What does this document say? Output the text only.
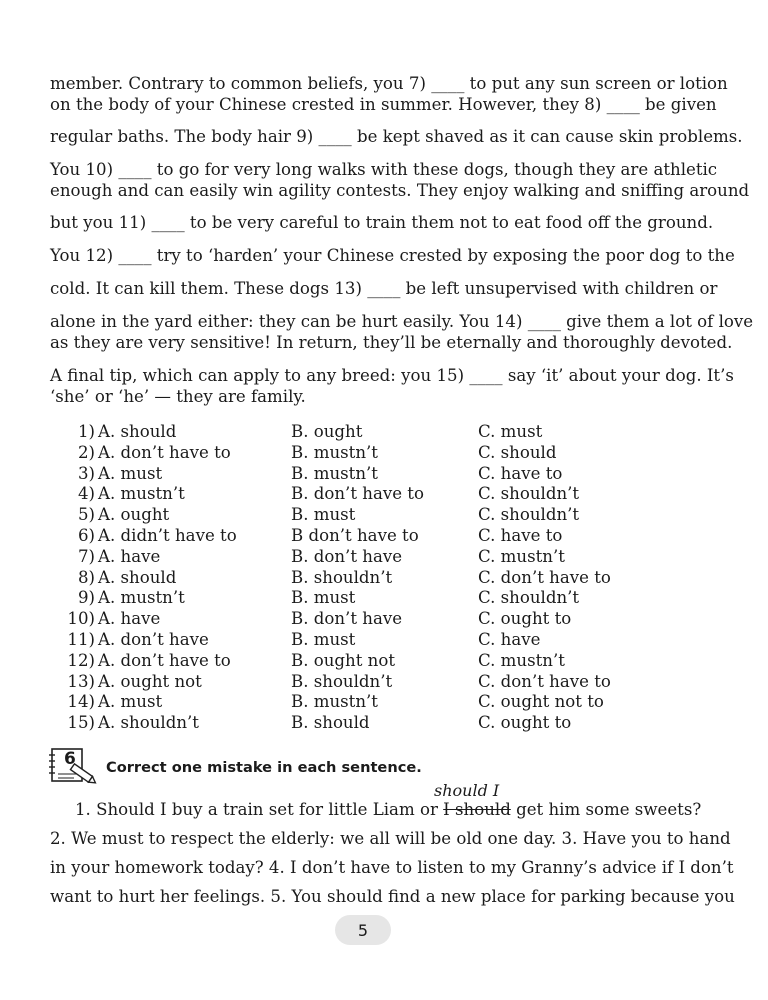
member. Contrary to common beliefs, you 7) ____ to put any sun screen or lotion
on the body of your Chinese crested in summer. However, they 8) ____ be given
regular baths. The body hair 9) ____ be kept shaved as it can cause skin problems.
You 10) ____ to go for very long walks with these dogs, though they are athletic
enough and can easily win agility contests. They enjoy walking and sniffing around
but you 11) ____ to be very careful to train them not to eat food off the ground.
You 12) ____ try to ‘harden’ your Chinese crested by exposing the poor dog to the
cold. It can kill them. These dogs 13) ____ be left unsupervised with children or
alone in the yard either: they can be hurt easily. You 14) ____ give them a lot of love
as they are very sensitive! In return, they’ll be eternally and thoroughly devoted.
A final tip, which can apply to any breed: you 15) ____ say ‘it’ about your dog. It’s
‘she’ or ‘he’ — they are family.
1) A. should	B. ought	C. must
2) A. don’t have to	B. mustn’t	C. should
3) A. must	B. mustn’t	C. have to
4) A. mustn’t	B. don’t have to	C. shouldn’t
5) A. ought	B. must	C. shouldn’t
6) A. didn’t have to	B don’t have to	C. have to
7) A. have	B. don’t have	C. mustn’t
8) A. should	B. shouldn’t	C. don’t have to
9) A. mustn’t	B. must	C. shouldn’t
10) A. have	B. don’t have	C. ought to
11) A. don’t have	B. must	C. have
12) A. don’t have to	B. ought not	C. mustn’t
13) A. ought not	B. shouldn’t	C. don’t have to
14) A. must	B. mustn’t	C. ought not to
15) A. shouldn’t	B. should	C. ought to
6 Correct one mistake in each sentence.
should I
1. Should I buy a train set for little Liam or I should get him some sweets?
2. We must to respect the elderly: we all will be old one day. 3. Have you to hand
in your homework today? 4. I don’t have to listen to my Granny’s advice if I don’t
want to hurt her feelings. 5. You should find a new place for parking because you
5
